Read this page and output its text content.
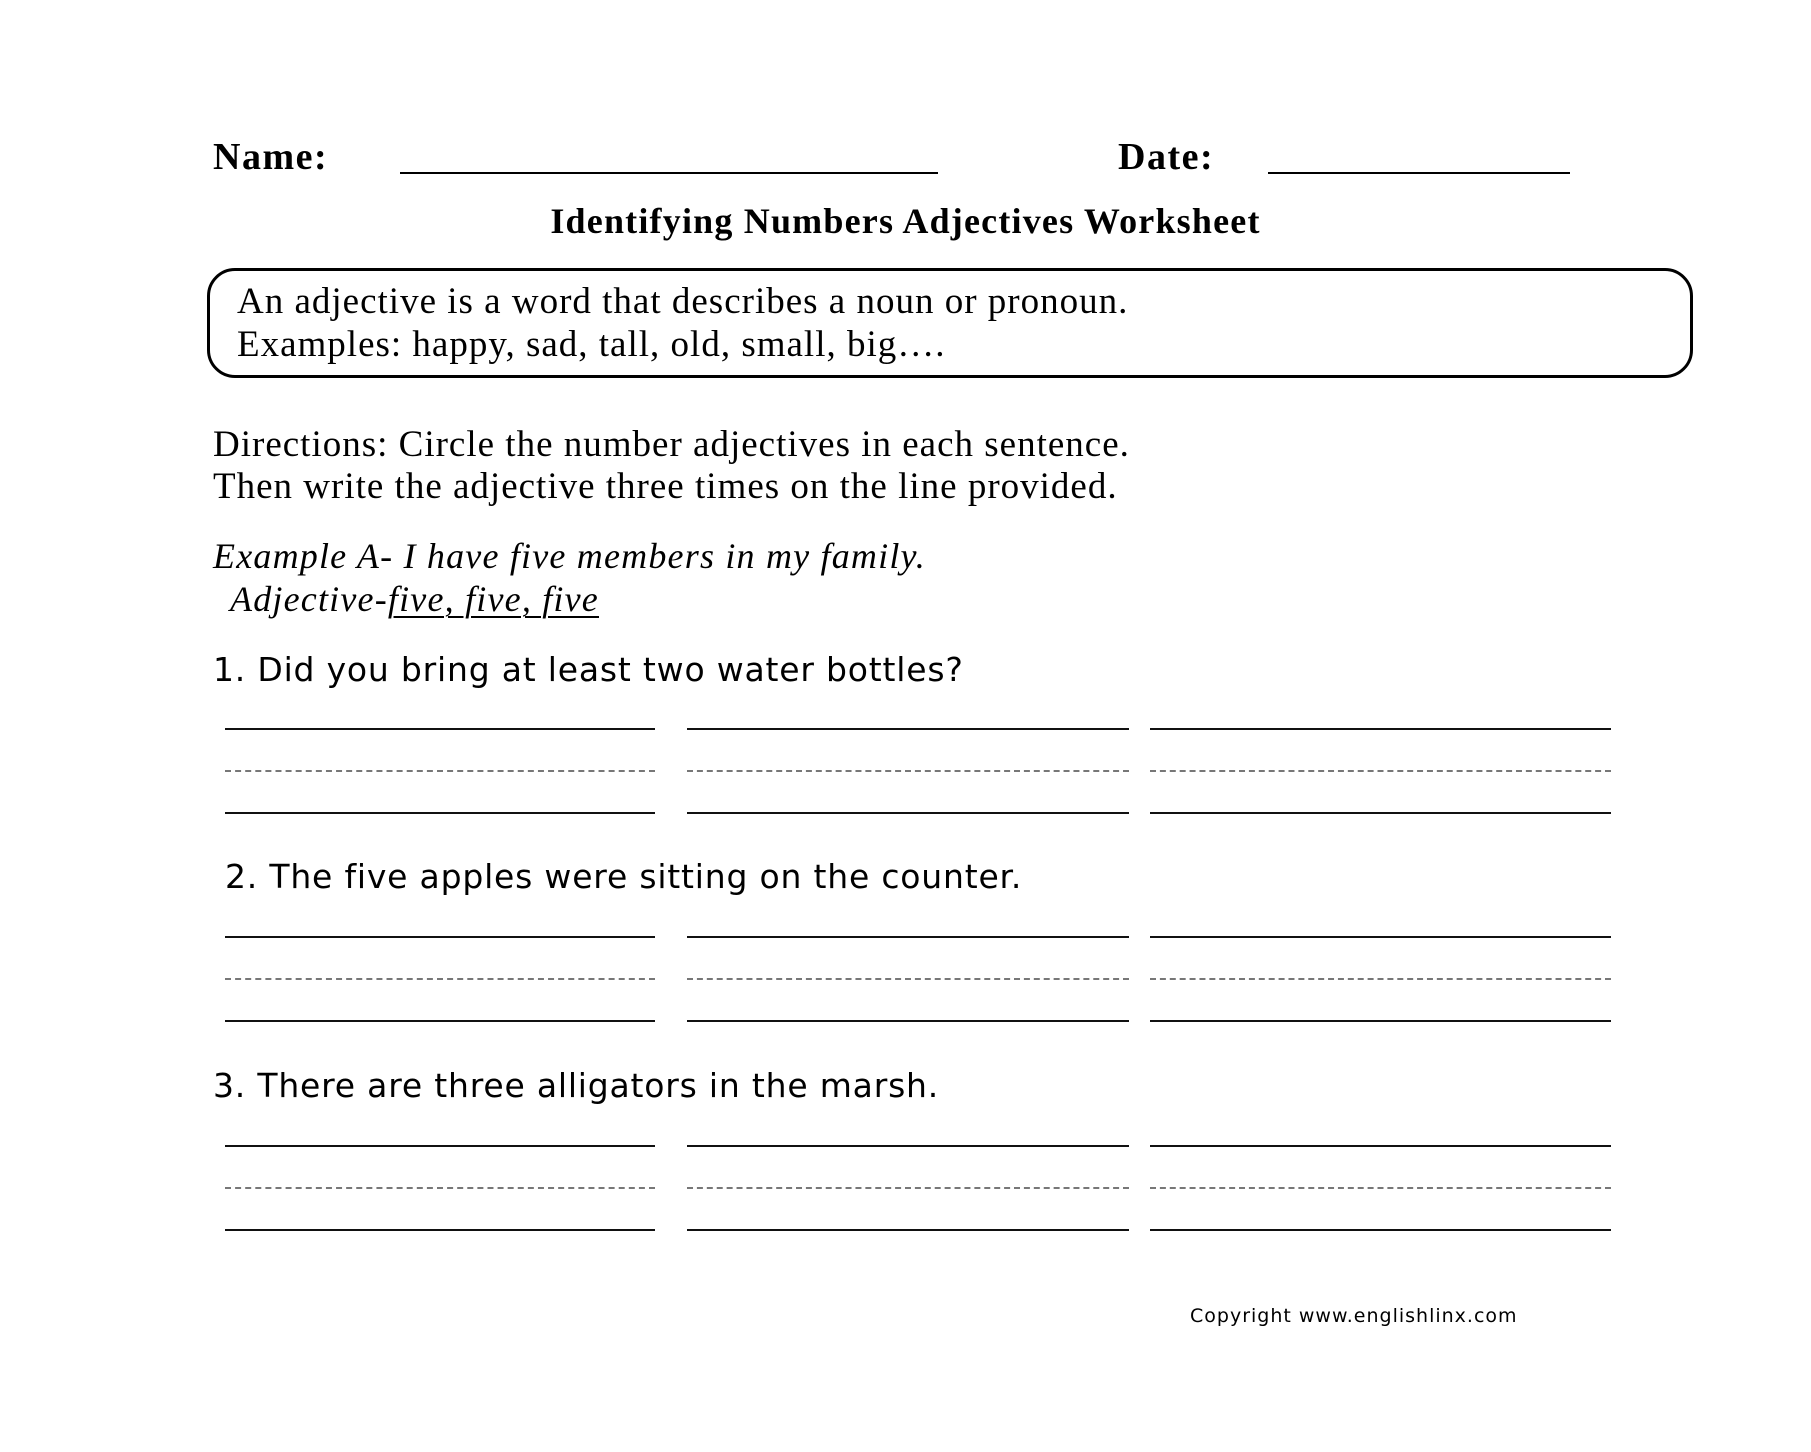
Name:	Date:
Identifying Numbers Adjectives Worksheet
An adjective is a word that describes a noun or pronoun.
Examples: happy, sad, tall, old, small, big….
Directions: Circle the number adjectives in each sentence.
Then write the adjective three times on the line provided.
Example A- I have five members in my family.
Adjective-five, five, five
1. Did you bring at least two water bottles?
2. The five apples were sitting on the counter.
3. There are three alligators in the marsh.
Copyright www.englishlinx.com
